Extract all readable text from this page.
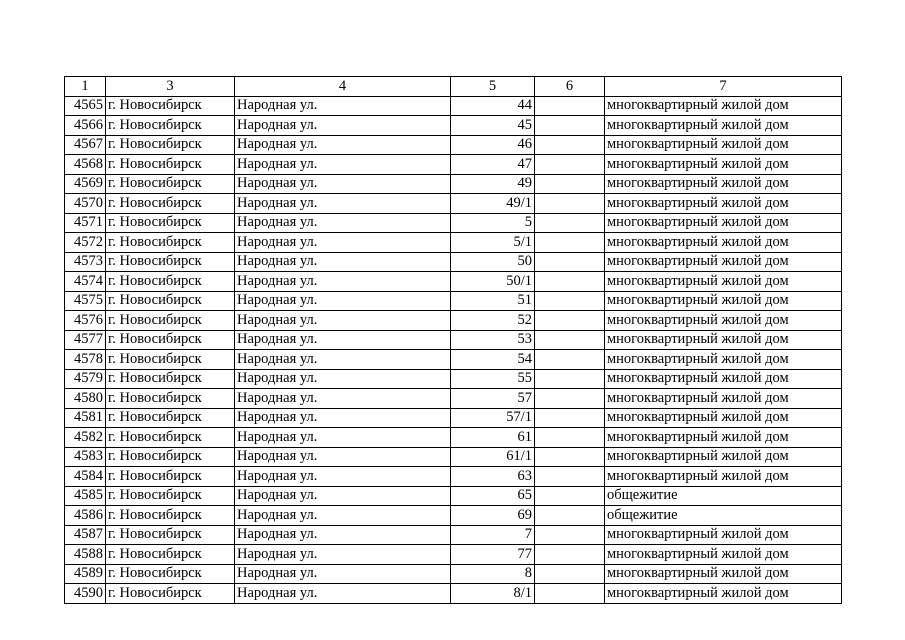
1	3	4	5	6	7
4565	г. Новосибирск	Народная ул.	44		многоквартирный жилой дом
4566	г. Новосибирск	Народная ул.	45		многоквартирный жилой дом
4567	г. Новосибирск	Народная ул.	46		многоквартирный жилой дом
4568	г. Новосибирск	Народная ул.	47		многоквартирный жилой дом
4569	г. Новосибирск	Народная ул.	49		многоквартирный жилой дом
4570	г. Новосибирск	Народная ул.	49/1		многоквартирный жилой дом
4571	г. Новосибирск	Народная ул.	5		многоквартирный жилой дом
4572	г. Новосибирск	Народная ул.	5/1		многоквартирный жилой дом
4573	г. Новосибирск	Народная ул.	50		многоквартирный жилой дом
4574	г. Новосибирск	Народная ул.	50/1		многоквартирный жилой дом
4575	г. Новосибирск	Народная ул.	51		многоквартирный жилой дом
4576	г. Новосибирск	Народная ул.	52		многоквартирный жилой дом
4577	г. Новосибирск	Народная ул.	53		многоквартирный жилой дом
4578	г. Новосибирск	Народная ул.	54		многоквартирный жилой дом
4579	г. Новосибирск	Народная ул.	55		многоквартирный жилой дом
4580	г. Новосибирск	Народная ул.	57		многоквартирный жилой дом
4581	г. Новосибирск	Народная ул.	57/1		многоквартирный жилой дом
4582	г. Новосибирск	Народная ул.	61		многоквартирный жилой дом
4583	г. Новосибирск	Народная ул.	61/1		многоквартирный жилой дом
4584	г. Новосибирск	Народная ул.	63		многоквартирный жилой дом
4585	г. Новосибирск	Народная ул.	65		общежитие
4586	г. Новосибирск	Народная ул.	69		общежитие
4587	г. Новосибирск	Народная ул.	7		многоквартирный жилой дом
4588	г. Новосибирск	Народная ул.	77		многоквартирный жилой дом
4589	г. Новосибирск	Народная ул.	8		многоквартирный жилой дом
4590	г. Новосибирск	Народная ул.	8/1		многоквартирный жилой дом
